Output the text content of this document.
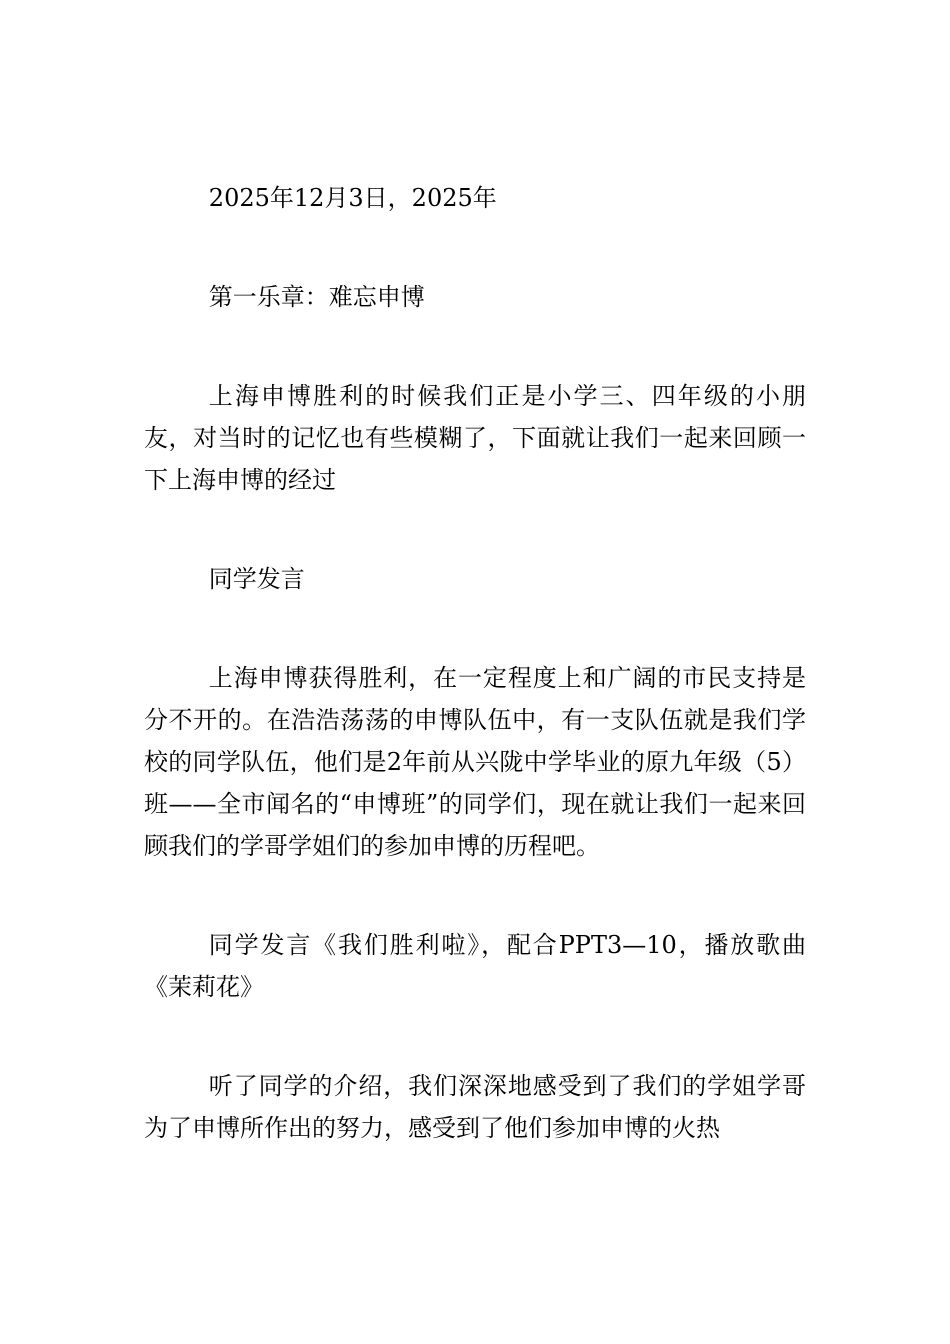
2025年12月3日，2025年

第一乐章：难忘申博

上海申博胜利的时候我们正是小学三、四年级的小朋友，对当时的记忆也有些模糊了，下面就让我们一起来回顾一下上海申博的经过

同学发言

上海申博获得胜利，在一定程度上和广阔的市民支持是分不开的。在浩浩荡荡的申博队伍中，有一支队伍就是我们学校的同学队伍，他们是2年前从兴陇中学毕业的原九年级（5）班——全市闻名的“申博班”的同学们，现在就让我们一起来回顾我们的学哥学姐们的参加申博的历程吧。

同学发言《我们胜利啦》，配合PPT3—10，播放歌曲《茉莉花》

听了同学的介绍，我们深深地感受到了我们的学姐学哥为了申博所作出的努力，感受到了他们参加申博的火热
